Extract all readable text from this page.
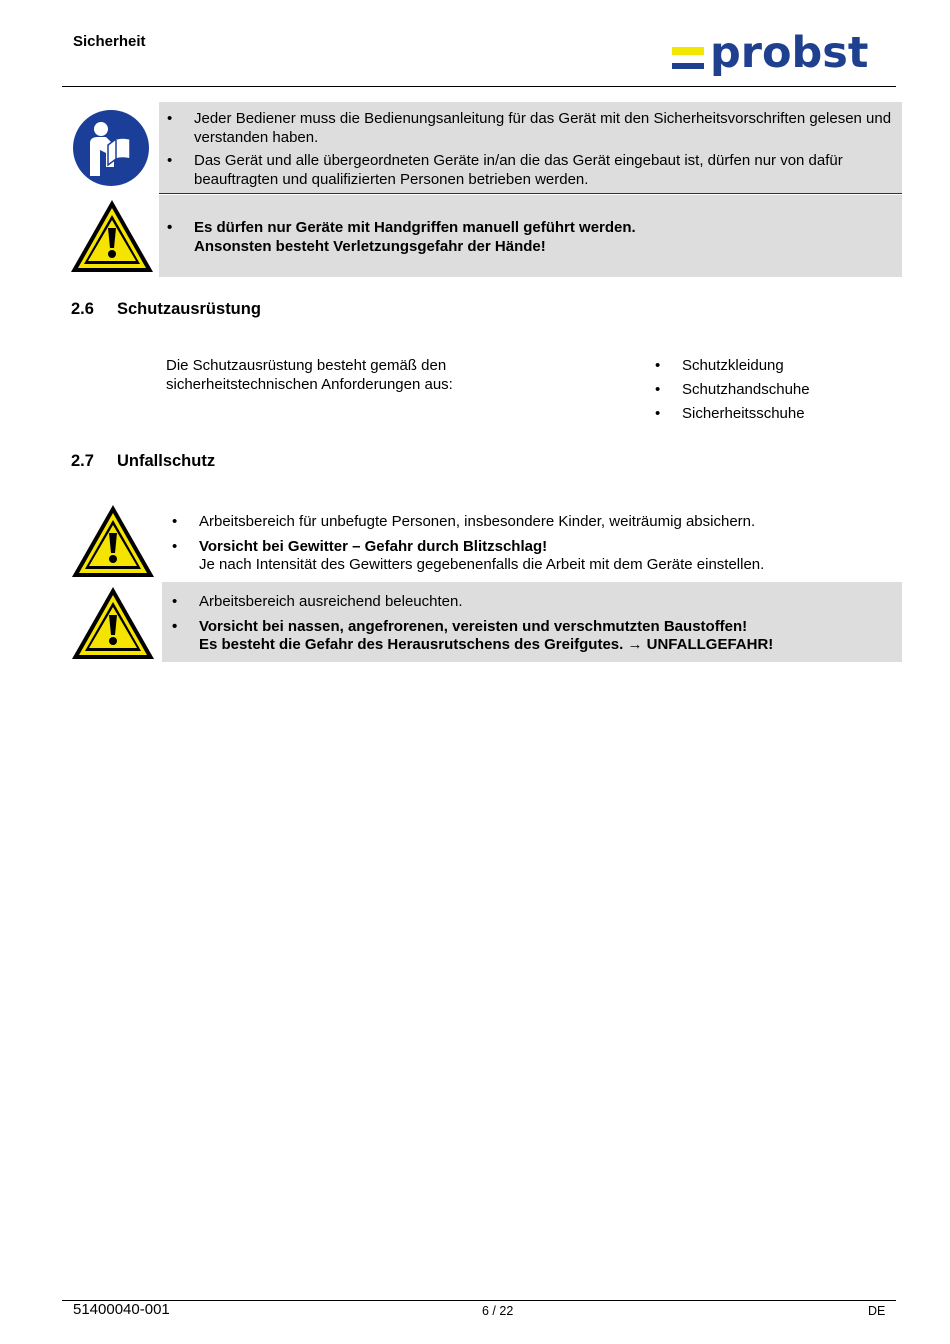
Sicherheit	probst
• Jeder Bediener muss die Bedienungsanleitung für das Gerät mit den Sicherheitsvorschriften gelesen und verstanden haben.
• Das Gerät und alle übergeordneten Geräte in/an die das Gerät eingebaut ist, dürfen nur von dafür beauftragten und qualifizierten Personen betrieben werden.
• Es dürfen nur Geräte mit Handgriffen manuell geführt werden.
Ansonsten besteht Verletzungsgefahr der Hände!
2.6 Schutzausrüstung
Die Schutzausrüstung besteht gemäß den sicherheitstechnischen Anforderungen aus:
• Schutzkleidung
• Schutzhandschuhe
• Sicherheitsschuhe
2.7 Unfallschutz
• Arbeitsbereich für unbefugte Personen, insbesondere Kinder, weiträumig absichern.
• Vorsicht bei Gewitter – Gefahr durch Blitzschlag!
Je nach Intensität des Gewitters gegebenenfalls die Arbeit mit dem Geräte einstellen.
• Arbeitsbereich ausreichend beleuchten.
• Vorsicht bei nassen, angefrorenen, vereisten und verschmutzten Baustoffen!
Es besteht die Gefahr des Herausrutschens des Greifgutes. → UNFALLGEFAHR!
51400040-001	6 / 22	DE
